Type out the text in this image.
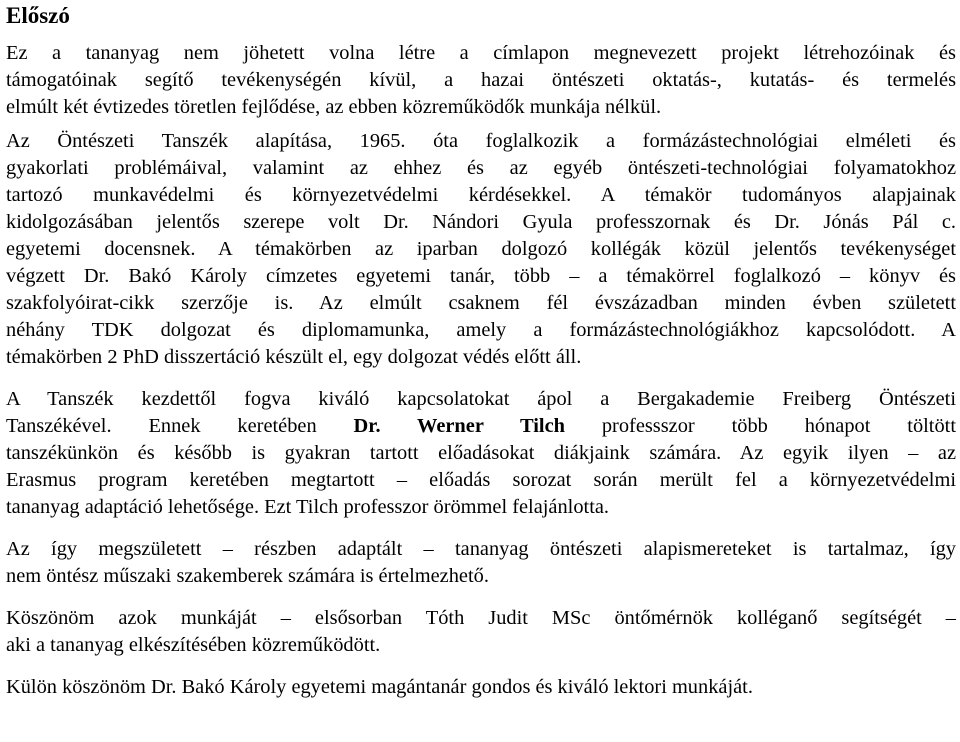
Előszó
Ez a tananyag nem jöhetett volna létre a címlapon megnevezett projekt létrehozóinak és
támogatóinak segítő tevékenységén kívül, a hazai öntészeti oktatás-, kutatás- és termelés
elmúlt két évtizedes töretlen fejlődése, az ebben közreműködők munkája nélkül.
Az Öntészeti Tanszék alapítása, 1965. óta foglalkozik a formázástechnológiai elméleti és
gyakorlati problémáival, valamint az ehhez és az egyéb öntészeti-technológiai folyamatokhoz
tartozó munkavédelmi és környezetvédelmi kérdésekkel. A témakör tudományos alapjainak
kidolgozásában jelentős szerepe volt Dr. Nándori Gyula professzornak és Dr. Jónás Pál c.
egyetemi docensnek. A témakörben az iparban dolgozó kollégák közül jelentős tevékenységet
végzett Dr. Bakó Károly címzetes egyetemi tanár, több – a témakörrel foglalkozó – könyv és
szakfolyóirat-cikk szerzője is. Az elmúlt csaknem fél évszázadban minden évben született
néhány TDK dolgozat és diplomamunka, amely a formázástechnológiákhoz kapcsolódott. A
témakörben 2 PhD disszertáció készült el, egy dolgozat védés előtt áll.
A Tanszék kezdettől fogva kiváló kapcsolatokat ápol a Bergakademie Freiberg Öntészeti
Tanszékével. Ennek keretében Dr. Werner Tilch professszor több hónapot töltött
tanszékünkön és később is gyakran tartott előadásokat diákjaink számára. Az egyik ilyen – az
Erasmus program keretében megtartott – előadás sorozat során merült fel a környezetvédelmi
tananyag adaptáció lehetősége. Ezt Tilch professzor örömmel felajánlotta.
Az így megszületett – részben adaptált – tananyag öntészeti alapismereteket is tartalmaz, így
nem öntész műszaki szakemberek számára is értelmezhető.
Köszönöm azok munkáját – elsősorban Tóth Judit MSc öntőmérnök kolléganő segítségét –
aki a tananyag elkészítésében közreműködött.
Külön köszönöm Dr. Bakó Károly egyetemi magántanár gondos és kiváló lektori munkáját.
